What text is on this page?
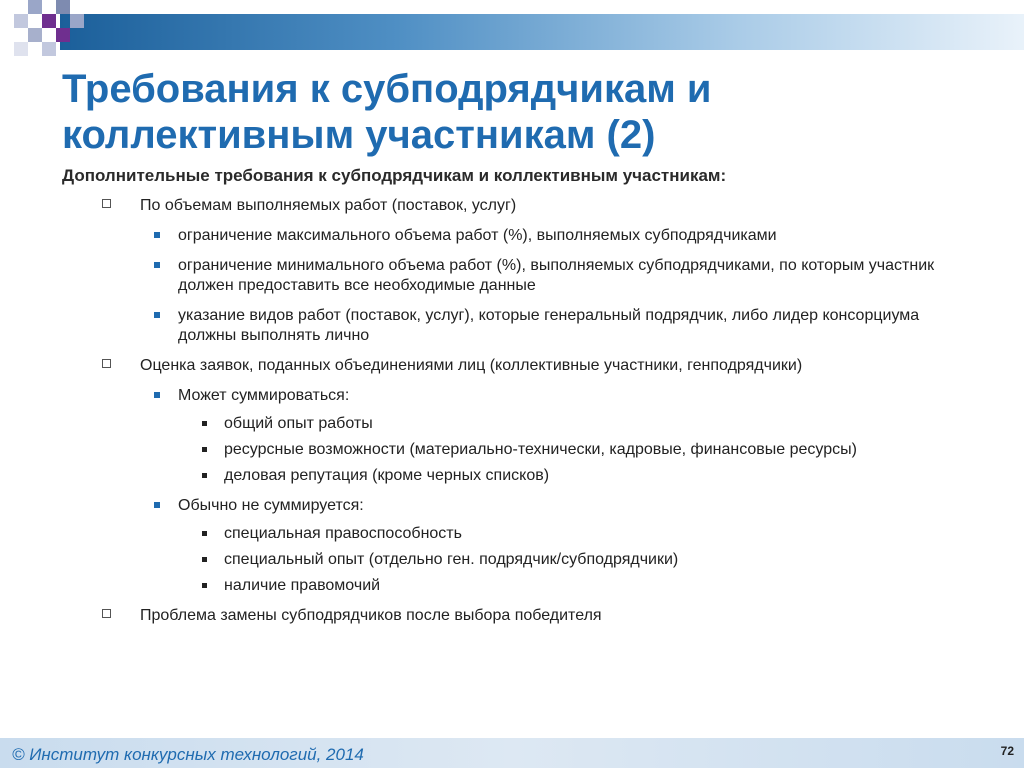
Требования к субподрядчикам и
коллективным участникам (2)
Дополнительные требования к субподрядчикам и коллективным участникам:
По объемам выполняемых работ (поставок, услуг)
ограничение максимального объема работ (%), выполняемых субподрядчиками
ограничение минимального объема работ (%), выполняемых субподрядчиками, по которым участник должен предоставить все необходимые данные
указание видов работ (поставок, услуг), которые генеральный подрядчик, либо лидер консорциума должны выполнять лично
Оценка заявок, поданных объединениями лиц (коллективные участники, генподрядчики)
Может суммироваться:
общий опыт работы
ресурсные возможности (материально-технически, кадровые, финансовые ресурсы)
деловая репутация (кроме черных списков)
Обычно не суммируется:
специальная правоспособность
специальный опыт (отдельно ген. подрядчик/субподрядчики)
наличие правомочий
Проблема замены субподрядчиков после выбора победителя
© Институт конкурсных технологий, 2014	72
